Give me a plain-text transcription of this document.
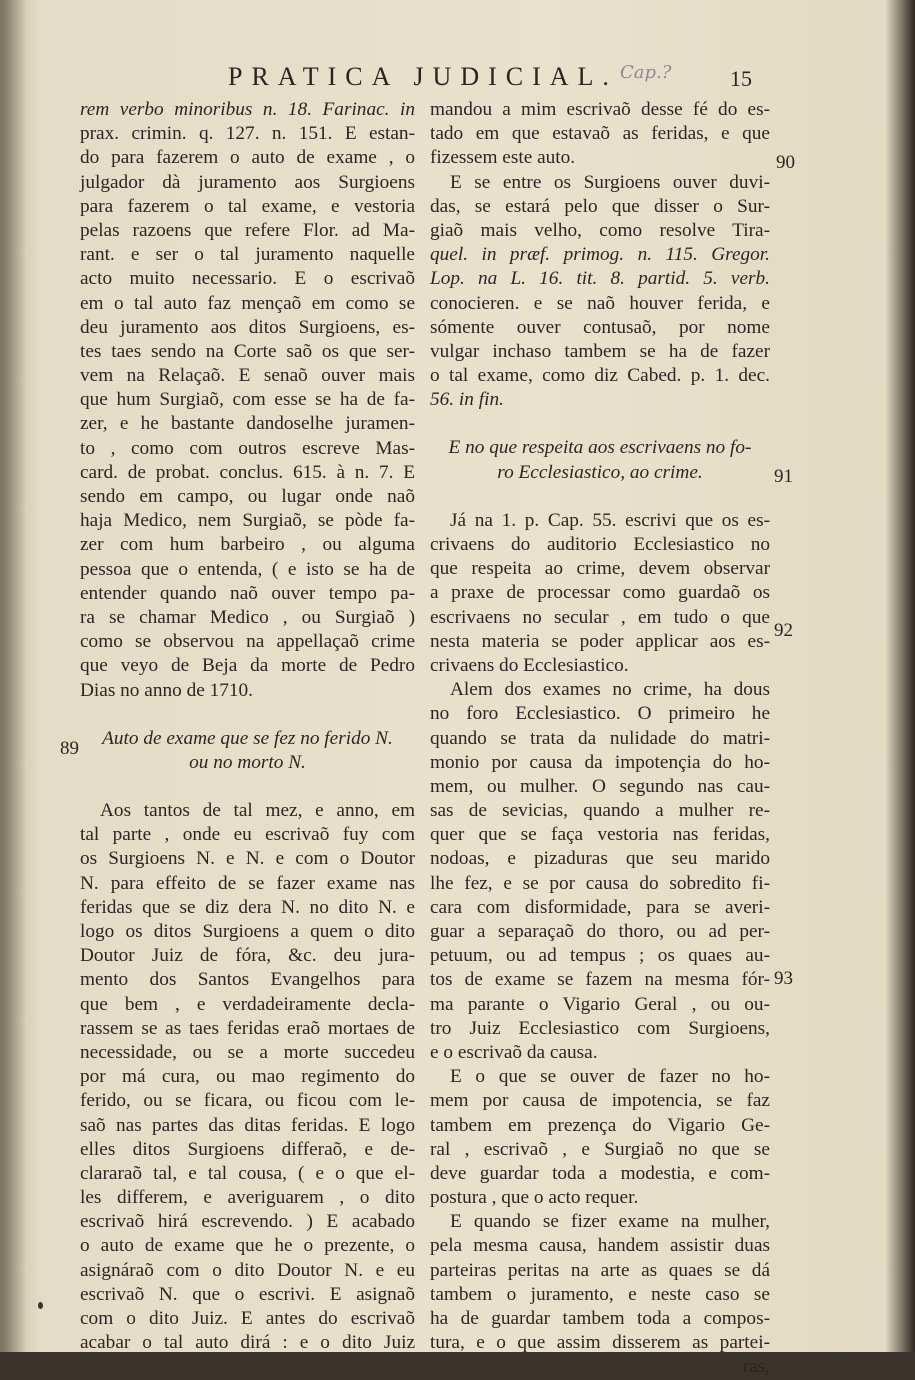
PRATICA JUDICIAL. Cap.?	15
rem verbo minoribus n. 18. Farinac. in
prax. crimin. q. 127. n. 151. E estan-
do para fazerem o auto de exame , o
julgador dà juramento aos Surgioens
para fazerem o tal exame, e vestoria
pelas razoens que refere Flor. ad Ma-
rant. e ser o tal juramento naquelle
acto muito necessario. E o escrivaõ
em o tal auto faz mençaõ em como se
deu juramento aos ditos Surgioens, es-
tes taes sendo na Corte saõ os que ser-
vem na Relaçaõ. E senaõ ouver mais
que hum Surgiaõ, com esse se ha de fa-
zer, e he bastante dandoselhe juramen-
to , como com outros escreve Mas-
card. de probat. conclus. 615. à n. 7. E
sendo em campo, ou lugar onde naõ
haja Medico, nem Surgiaõ, se pòde fa-
zer com hum barbeiro , ou alguma
pessoa que o entenda, ( e isto se ha de
entender quando naõ ouver tempo pa-
ra se chamar Medico , ou Surgiaõ )
como se observou na appellaçaõ crime
que veyo de Beja da morte de Pedro
Dias no anno de 1710.
Auto de exame que se fez no ferido N.
ou no morto N.
Aos tantos de tal mez, e anno, em
tal parte , onde eu escrivaõ fuy com
os Surgioens N. e N. e com o Doutor
N. para effeito de se fazer exame nas
feridas que se diz dera N. no dito N. e
logo os ditos Surgioens a quem o dito
Doutor Juiz de fóra, &c. deu jura-
mento dos Santos Evangelhos para
que bem , e verdadeiramente decla-
rassem se as taes feridas eraõ mortaes de
necessidade, ou se a morte succedeu
por má cura, ou mao regimento do
ferido, ou se ficara, ou ficou com le-
saõ nas partes das ditas feridas. E logo
elles ditos Surgioens differaõ, e de-
clararaõ tal, e tal cousa, ( e o que el-
les differem, e averiguarem , o dito
escrivaõ hirá escrevendo. ) E acabado
o auto de exame que he o prezente, o
asignáraõ com o dito Doutor N. e eu
escrivaõ N. que o escrivi. E asignaõ
com o dito Juiz. E antes do escrivaõ
acabar o tal auto dirá : e o dito Juiz
mandou a mim escrivaõ desse fé do es-
tado em que estavaõ as feridas, e que
fizessem este auto.
E se entre os Surgioens ouver duvi-
das, se estará pelo que disser o Sur-
giaõ mais velho, como resolve Tira-
quel. in præf. primog. n. 115. Gregor.
Lop. na L. 16. tit. 8. partid. 5. verb.
conocieren. e se naõ houver ferida, e
sómente ouver contusaõ, por nome
vulgar inchaso tambem se ha de fazer
o tal exame, como diz Cabed. p. 1. dec.
56. in fin.
E no que respeita aos escrivaens no fo-
ro Ecclesiastico, ao crime.
Já na 1. p. Cap. 55. escrivi que os es-
crivaens do auditorio Ecclesiastico no
que respeita ao crime, devem observar
a praxe de processar como guardaõ os
escrivaens no secular , em tudo o que
nesta materia se poder applicar aos es-
crivaens do Ecclesiastico.
Alem dos exames no crime, ha dous
no foro Ecclesiastico. O primeiro he
quando se trata da nulidade do matri-
monio por causa da impotençia do ho-
mem, ou mulher. O segundo nas cau-
sas de sevicias, quando a mulher re-
quer que se faça vestoria nas feridas,
nodoas, e pizaduras que seu marido
lhe fez, e se por causa do sobredito fi-
cara com disformidade, para se averi-
guar a separaçaõ do thoro, ou ad per-
petuum, ou ad tempus ; os quaes au-
tos de exame se fazem na mesma fór-
ma parante o Vigario Geral , ou ou-
tro Juiz Ecclesiastico com Surgioens,
e o escrivaõ da causa.
E o que se ouver de fazer no ho-
mem por causa de impotencia, se faz
tambem em prezença do Vigario Ge-
ral , escrivaõ , e Surgiaõ no que se
deve guardar toda a modestia, e com-
postura , que o acto requer.
E quando se fizer exame na mulher,
pela mesma causa, handem assistir duas
parteiras peritas na arte as quaes se dá
tambem o juramento, e neste caso se
ha de guardar tambem toda a compos-
tura, e o que assim disserem as partei-
ras,
89
90
91
92
93
